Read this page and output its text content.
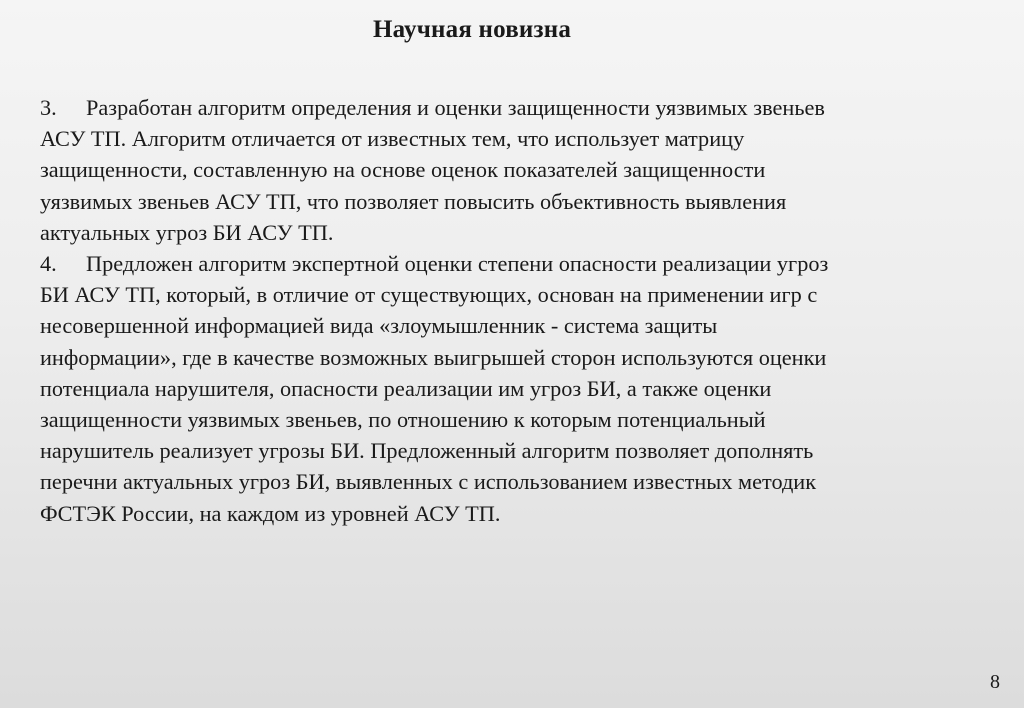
Научная новизна
3. Разработан алгоритм определения и оценки защищенности уязвимых звеньев
АСУ ТП. Алгоритм отличается от известных тем, что использует матрицу
защищенности, составленную на основе оценок показателей защищенности
уязвимых звеньев АСУ ТП, что позволяет повысить объективность выявления
актуальных угроз БИ АСУ ТП.
4. Предложен алгоритм экспертной оценки степени опасности реализации угроз
БИ АСУ ТП, который, в отличие от существующих, основан на применении игр с
несовершенной информацией вида «злоумышленник - система защиты
информации», где в качестве возможных выигрышей сторон используются оценки
потенциала нарушителя, опасности реализации им угроз БИ, а также оценки
защищенности уязвимых звеньев, по отношению к которым потенциальный
нарушитель реализует угрозы БИ. Предложенный алгоритм позволяет дополнять
перечни актуальных угроз БИ, выявленных с использованием известных методик
ФСТЭК России, на каждом из уровней АСУ ТП.
8
